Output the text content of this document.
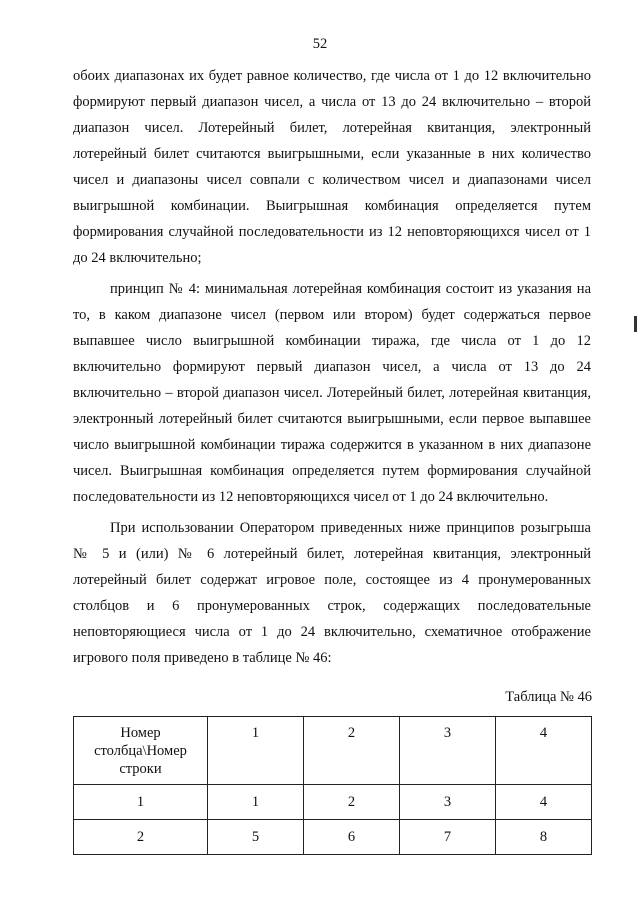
52

обоих диапазонах их будет равное количество, где числа от 1 до 12 включительно формируют первый диапазон чисел, а числа от 13 до 24 включительно – второй диапазон чисел. Лотерейный билет, лотерейная квитанция, электронный лотерейный билет считаются выигрышными, если указанные в них количество чисел и диапазоны чисел совпали с количеством чисел и диапазонами чисел выигрышной комбинации. Выигрышная комбинация определяется путем формирования случайной последовательности из 12 неповторяющихся чисел от 1 до 24 включительно;

принцип № 4: минимальная лотерейная комбинация состоит из указания на то, в каком диапазоне чисел (первом или втором) будет содержаться первое выпавшее число выигрышной комбинации тиража, где числа от 1 до 12 включительно формируют первый диапазон чисел, а числа от 13 до 24 включительно – второй диапазон чисел. Лотерейный билет, лотерейная квитанция, электронный лотерейный билет считаются выигрышными, если первое выпавшее число выигрышной комбинации тиража содержится в указанном в них диапазоне чисел. Выигрышная комбинация определяется путем формирования случайной последовательности из 12 неповторяющихся чисел от 1 до 24 включительно.

При использовании Оператором приведенных ниже принципов розыгрыша № 5 и (или) № 6 лотерейный билет, лотерейная квитанция, электронный лотерейный билет содержат игровое поле, состоящее из 4 пронумерованных столбцов и 6 пронумерованных строк, содержащих последовательные неповторяющиеся числа от 1 до 24 включительно, схематичное отображение игрового поля приведено в таблице № 46:

Таблица № 46
Номер столбца\Номер строки	1	2	3	4
1	1	2	3	4
2	5	6	7	8
